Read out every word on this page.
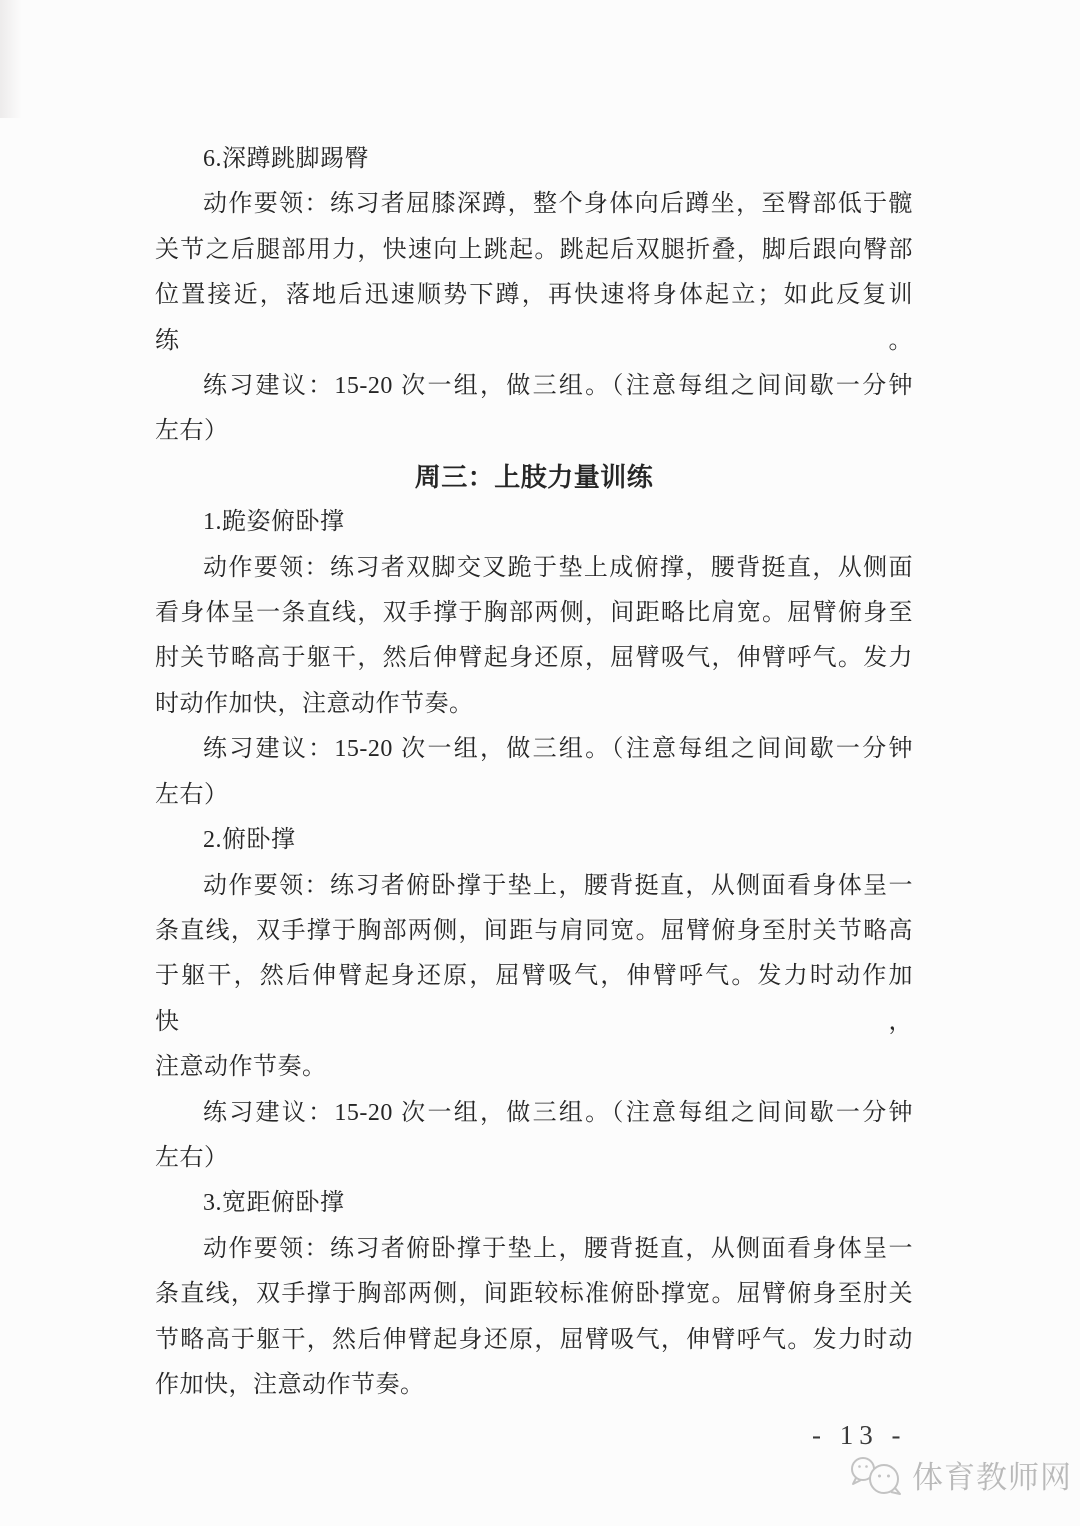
6.深蹲跳脚踢臀
动作要领：练习者屈膝深蹲，整个身体向后蹲坐，至臀部低于髋
关节之后腿部用力，快速向上跳起。跳起后双腿折叠，脚后跟向臀部
位置接近，落地后迅速顺势下蹲，再快速将身体起立；如此反复训练。
练习建议：15-20 次一组，做三组。（注意每组之间间歇一分钟
左右）
周三：上肢力量训练
1.跪姿俯卧撑
动作要领：练习者双脚交叉跪于垫上成俯撑，腰背挺直，从侧面
看身体呈一条直线，双手撑于胸部两侧，间距略比肩宽。屈臂俯身至
肘关节略高于躯干，然后伸臂起身还原，屈臂吸气，伸臂呼气。发力
时动作加快，注意动作节奏。
练习建议：15-20 次一组，做三组。（注意每组之间间歇一分钟
左右）
2.俯卧撑
动作要领：练习者俯卧撑于垫上，腰背挺直，从侧面看身体呈一
条直线，双手撑于胸部两侧，间距与肩同宽。屈臂俯身至肘关节略高
于躯干，然后伸臂起身还原，屈臂吸气，伸臂呼气。发力时动作加快，
注意动作节奏。
练习建议：15-20 次一组，做三组。（注意每组之间间歇一分钟
左右）
3.宽距俯卧撑
动作要领：练习者俯卧撑于垫上，腰背挺直，从侧面看身体呈一
条直线，双手撑于胸部两侧，间距较标准俯卧撑宽。屈臂俯身至肘关
节略高于躯干，然后伸臂起身还原，屈臂吸气，伸臂呼气。发力时动
作加快，注意动作节奏。
- 13 -
体育教师网
